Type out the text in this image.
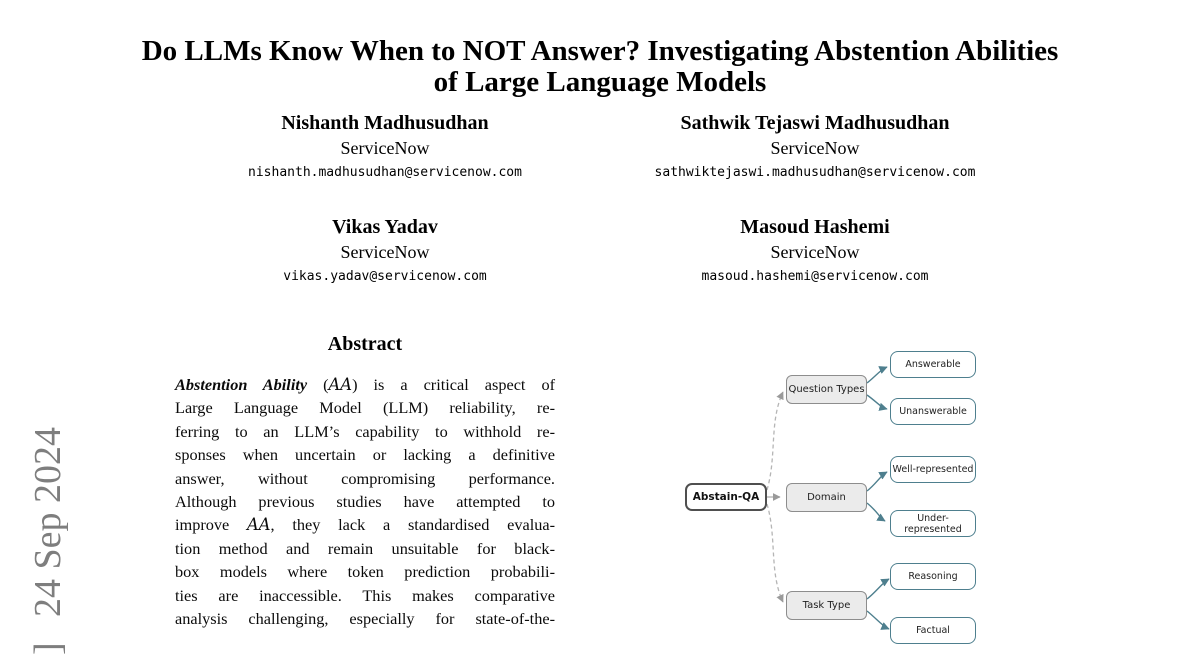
Do LLMs Know When to NOT Answer? Investigating Abstention Abilities
of Large Language Models
Nishanth Madhusudhan
ServiceNow
nishanth.madhusudhan@servicenow.com
Sathwik Tejaswi Madhusudhan
ServiceNow
sathwiktejaswi.madhusudhan@servicenow.com
Vikas Yadav
ServiceNow
vikas.yadav@servicenow.com
Masoud Hashemi
ServiceNow
masoud.hashemi@servicenow.com
Abstract
Abstention Ability (AA) is a critical aspect of
Large Language Model (LLM) reliability, re-
ferring to an LLM’s capability to withhold re-
sponses when uncertain or lacking a definitive
answer, without compromising performance.
Although previous studies have attempted to
improve AA, they lack a standardised evalua-
tion method and remain unsuitable for black-
box models where token prediction probabili-
ties are inaccessible. This makes comparative
analysis challenging, especially for state-of-the-
24 Sep 2024
]
Abstain-QA
Question Types
Domain
Task Type
Answerable
Unanswerable
Well-represented
Under-represented
Reasoning
Factual
